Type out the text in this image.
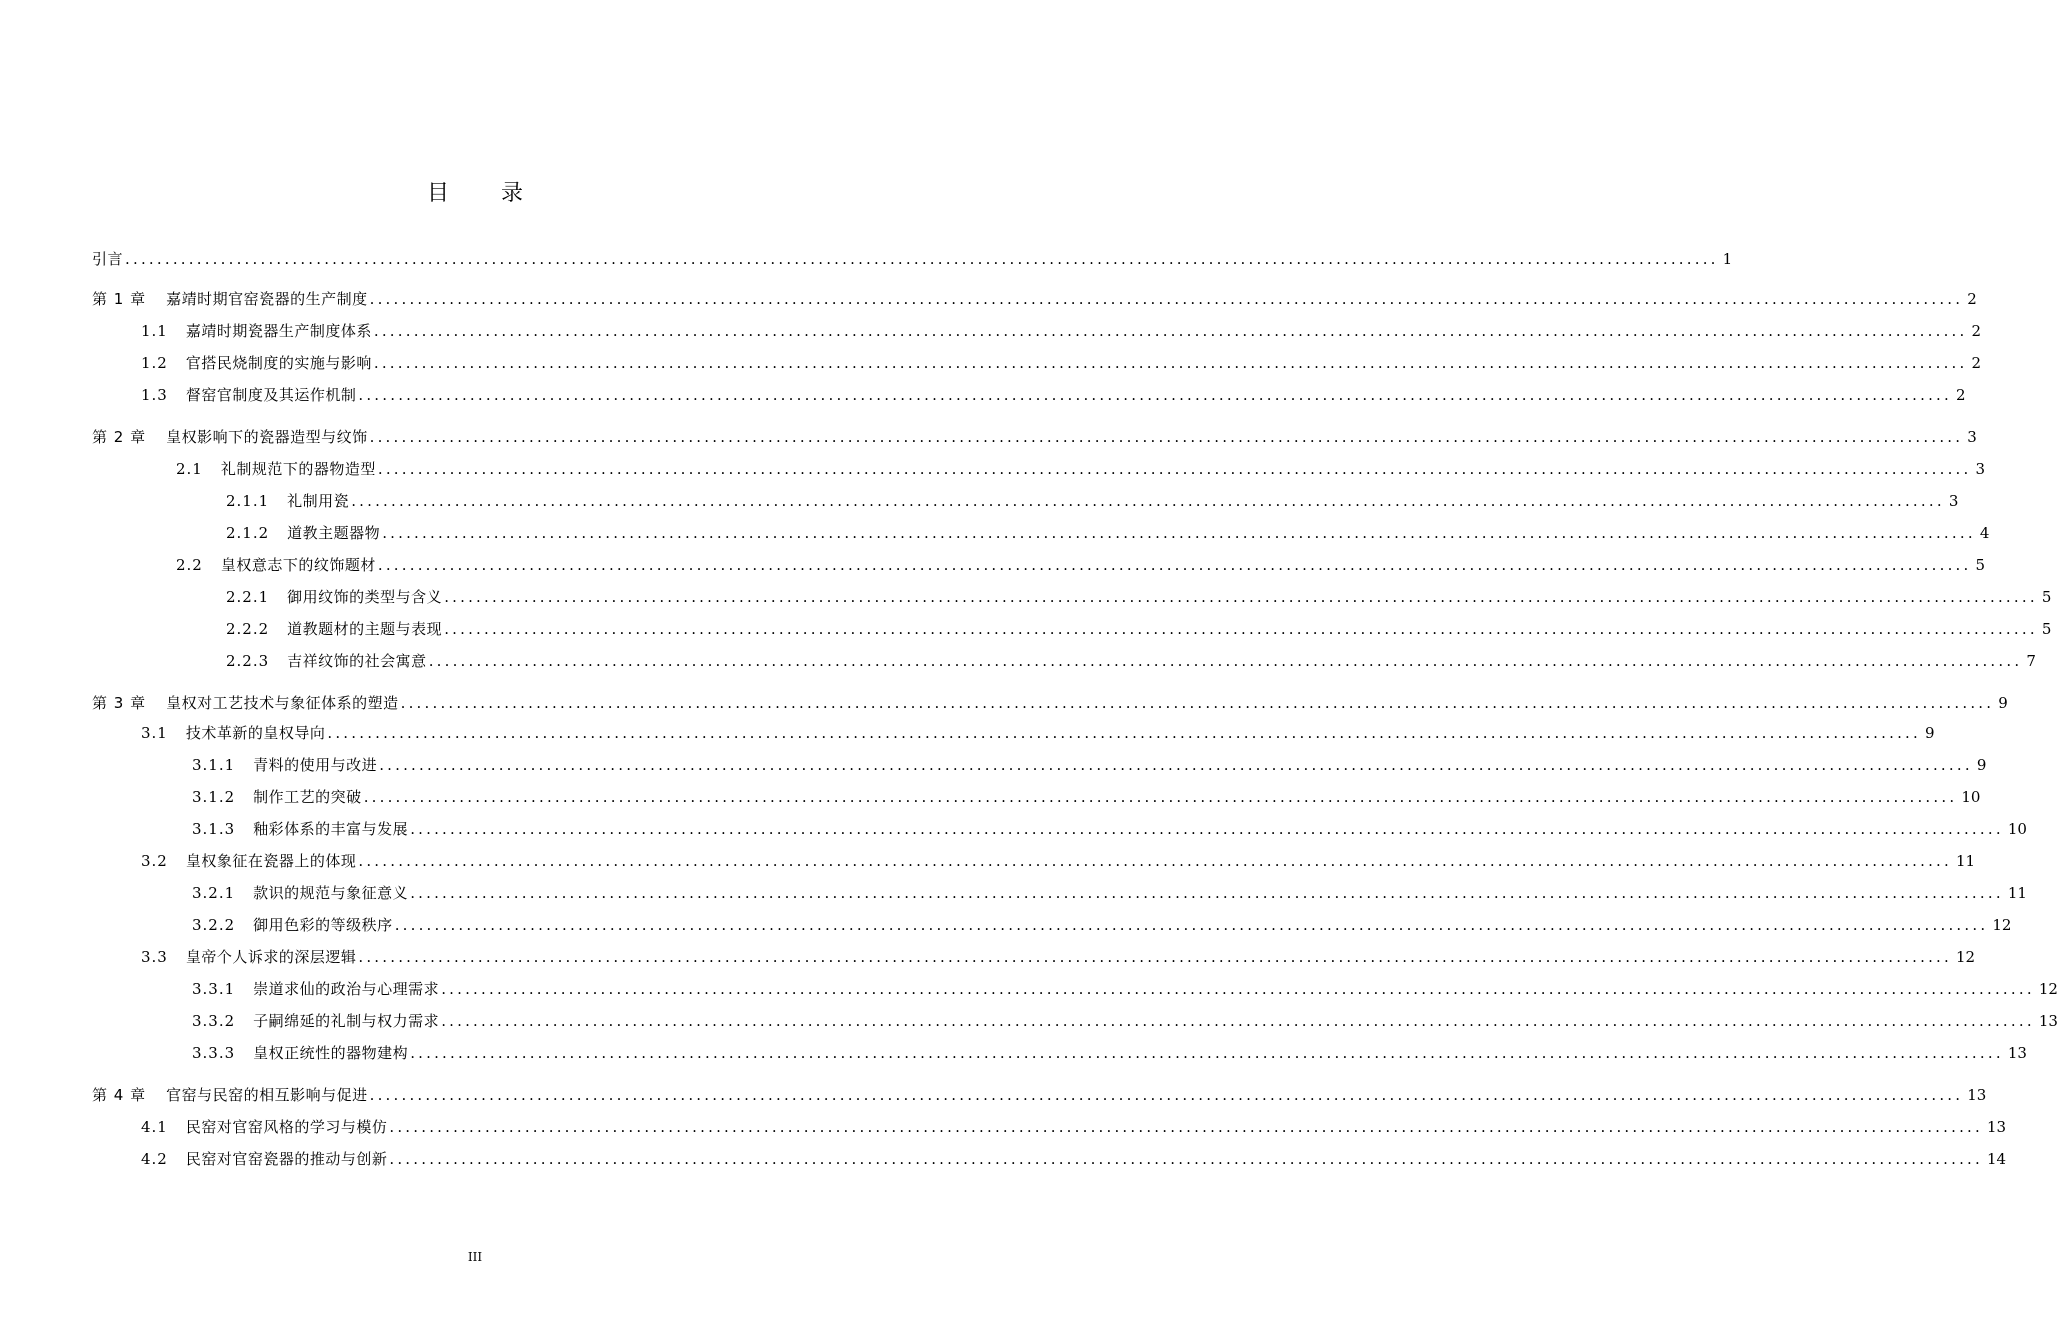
目录
引言 ........................................................................................................................................................................................................ 1
第 1 章 嘉靖时期官窑瓷器的生产制度 ........................................................................................................................................................................................................ 2
1.1 嘉靖时期瓷器生产制度体系 ........................................................................................................................................................................................................ 2
1.2 官搭民烧制度的实施与影响 ........................................................................................................................................................................................................ 2
1.3 督窑官制度及其运作机制 ........................................................................................................................................................................................................ 2
第 2 章 皇权影响下的瓷器造型与纹饰 ........................................................................................................................................................................................................ 3
2.1 礼制规范下的器物造型 ........................................................................................................................................................................................................ 3
2.1.1 礼制用瓷 ........................................................................................................................................................................................................ 3
2.1.2 道教主题器物 ........................................................................................................................................................................................................ 4
2.2 皇权意志下的纹饰题材 ........................................................................................................................................................................................................ 5
2.2.1 御用纹饰的类型与含义 ........................................................................................................................................................................................................ 5
2.2.2 道教题材的主题与表现 ........................................................................................................................................................................................................ 5
2.2.3 吉祥纹饰的社会寓意 ........................................................................................................................................................................................................ 7
第 3 章 皇权对工艺技术与象征体系的塑造 ........................................................................................................................................................................................................ 9
3.1 技术革新的皇权导向 ........................................................................................................................................................................................................ 9
3.1.1 青料的使用与改进 ........................................................................................................................................................................................................ 9
3.1.2 制作工艺的突破 ........................................................................................................................................................................................................ 10
3.1.3 釉彩体系的丰富与发展 ........................................................................................................................................................................................................ 10
3.2 皇权象征在瓷器上的体现 ........................................................................................................................................................................................................ 11
3.2.1 款识的规范与象征意义 ........................................................................................................................................................................................................ 11
3.2.2 御用色彩的等级秩序 ........................................................................................................................................................................................................ 12
3.3 皇帝个人诉求的深层逻辑 ........................................................................................................................................................................................................ 12
3.3.1 崇道求仙的政治与心理需求 ........................................................................................................................................................................................................ 12
3.3.2 子嗣绵延的礼制与权力需求 ........................................................................................................................................................................................................ 13
3.3.3 皇权正统性的器物建构 ........................................................................................................................................................................................................ 13
第 4 章 官窑与民窑的相互影响与促进 ........................................................................................................................................................................................................ 13
4.1 民窑对官窑风格的学习与模仿 ........................................................................................................................................................................................................ 13
4.2 民窑对官窑瓷器的推动与创新 ........................................................................................................................................................................................................ 14
III
